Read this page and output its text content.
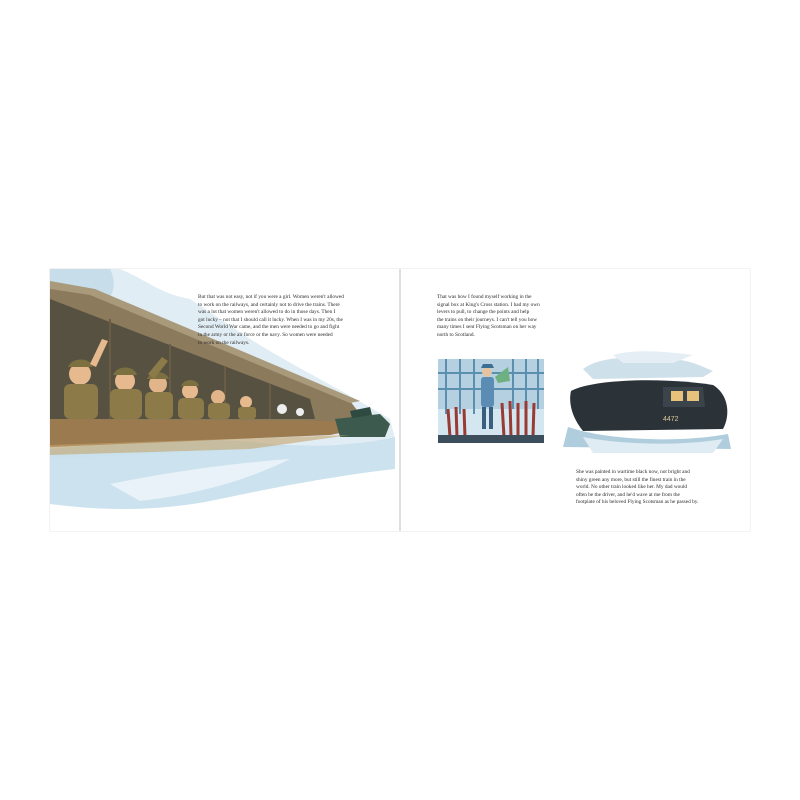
But that was not easy, not if you were a girl. Women weren't allowed
to work on the railways, and certainly not to drive the trains. There
was a lot that women weren't allowed to do in those days. Then I
got lucky – not that I should call it lucky. When I was in my 20s, the
Second World War came, and the men were needed to go and fight
in the army or the air force or the navy. So women were needed
to work on the railways.
That was how I found myself working in the
signal box at King's Cross station. I had my own
levers to pull, to change the points and help
the trains on their journeys. I can't tell you how
many times I sent Flying Scotsman on her way
north to Scotland.
4472
She was painted in wartime black now, not bright and
shiny green any more, but still the finest train in the
world. No other train looked like her. My dad would
often be the driver, and he'd wave at me from the
footplate of his beloved Flying Scotsman as he passed by.
